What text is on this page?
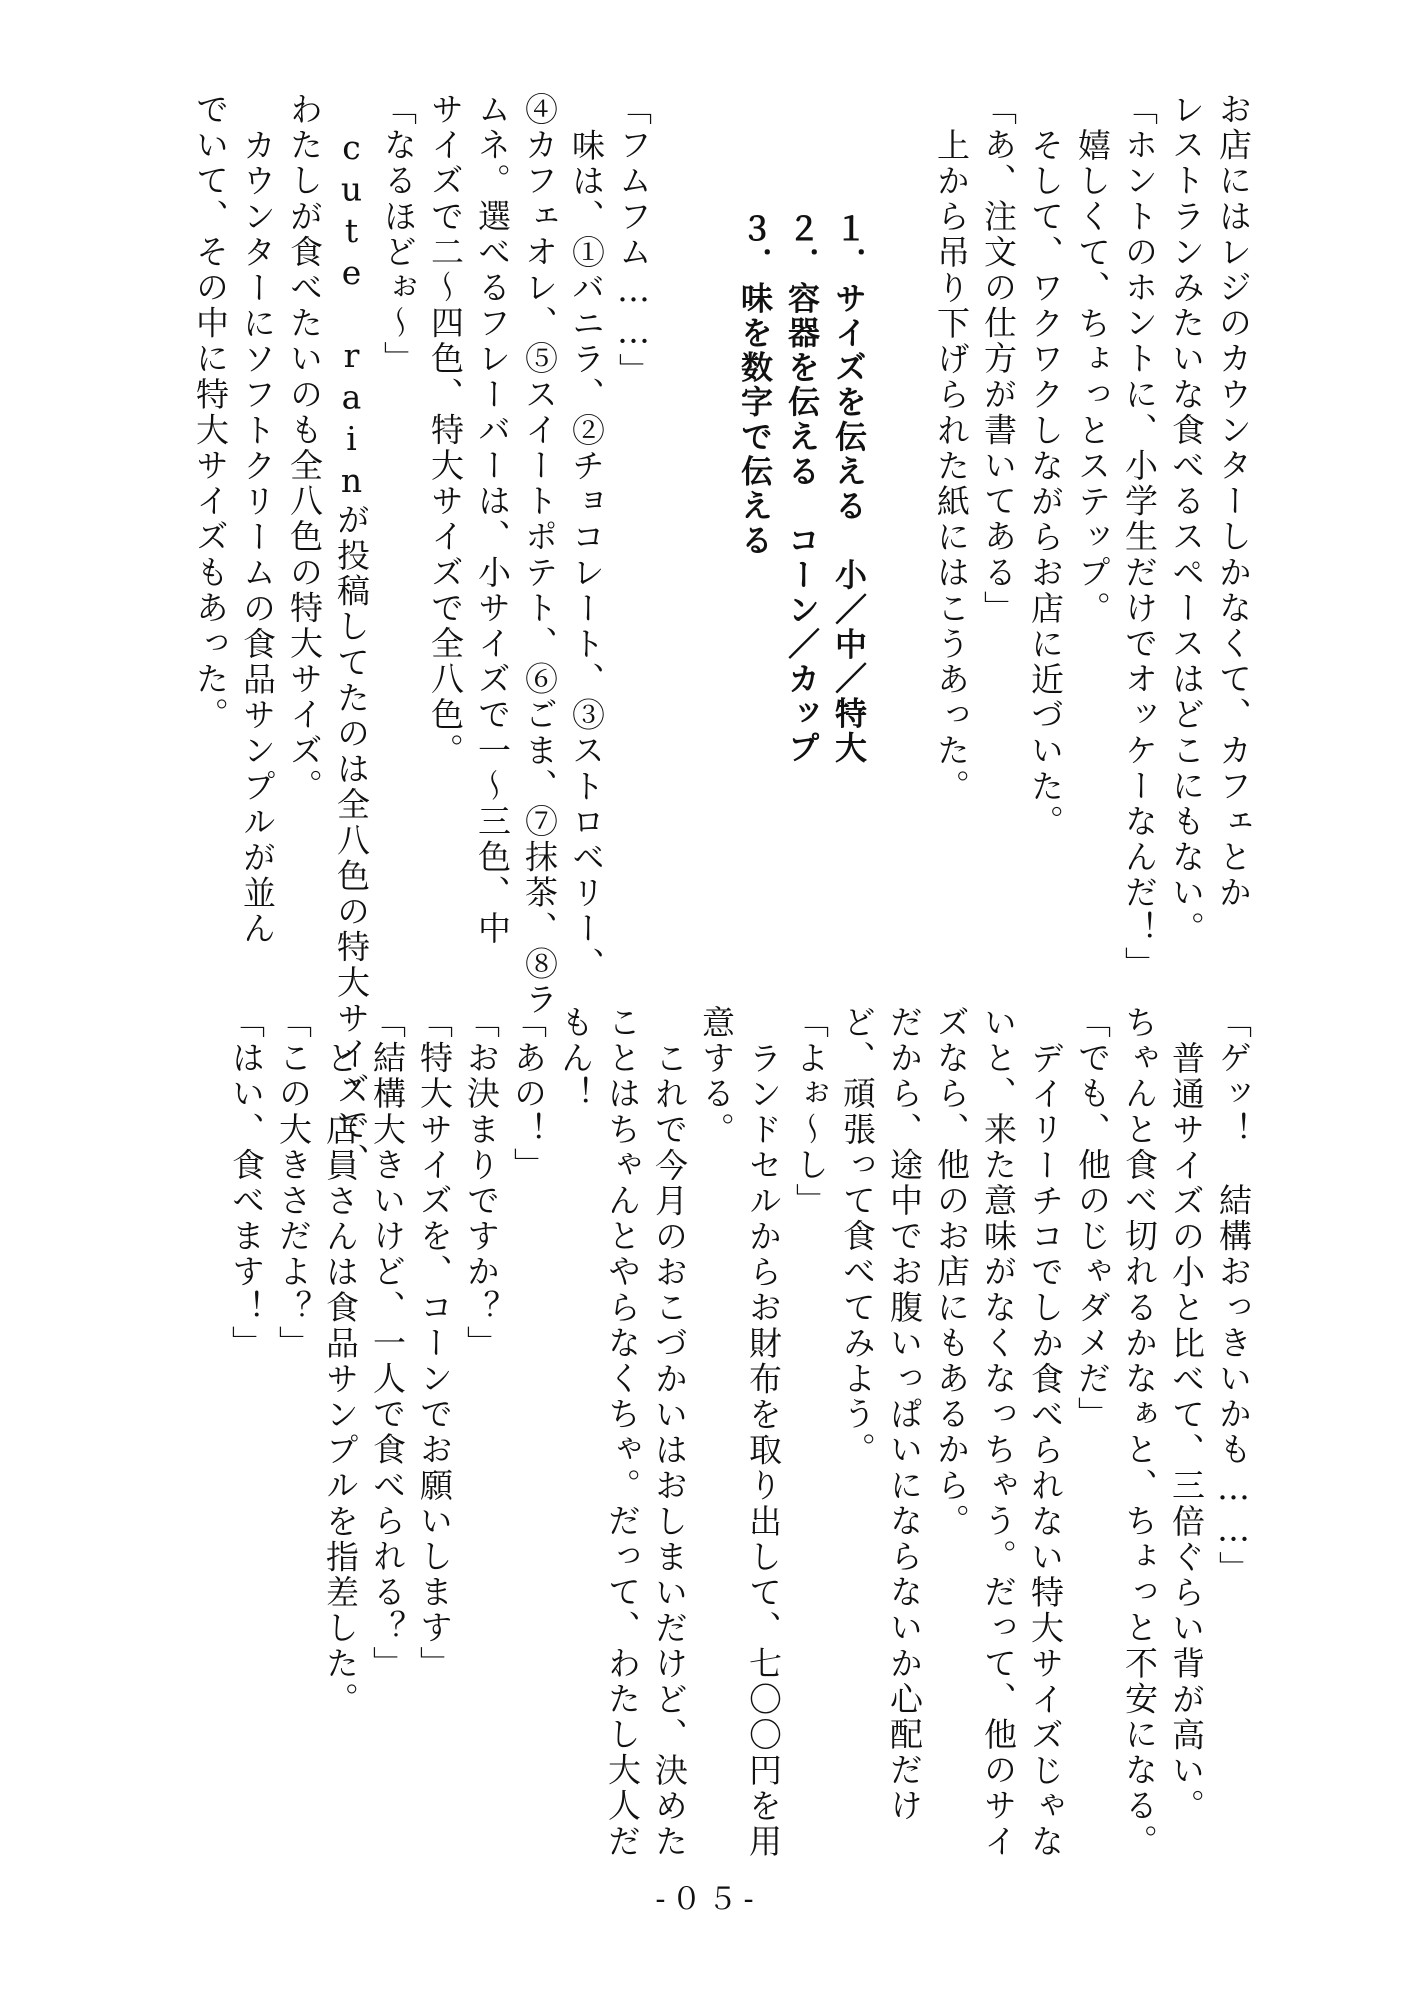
お店にはレジのカウンターしかなくて、カフェとか
レストランみたいな食べるスペースはどこにもない。
「ホントのホントに、小学生だけでオッケーなんだ！」
嬉しくて、ちょっとステップ。
そして、ワクワクしながらお店に近づいた。
「あ、注文の仕方が書いてある」
上から吊り下げられた紙にはこうあった。
１．サイズを伝える　小／中／特大
２．容器を伝える　コーン／カップ
３．味を数字で伝える
「フムフム……」
味は、①バニラ、②チョコレート、③ストロベリー、
④カフェオレ、⑤スイートポテト、⑥ごま、⑦抹茶、⑧ラ
ムネ。選べるフレーバーは、小サイズで一～三色、中
サイズで二～四色、特大サイズで全八色。
「なるほどぉ～」
cute rainが投稿してたのは全八色の特大サイズで、
わたしが食べたいのも全八色の特大サイズ。
カウンターにソフトクリームの食品サンプルが並ん
でいて、その中に特大サイズもあった。
「ゲッ！　結構おっきいかも……」
普通サイズの小と比べて、三倍ぐらい背が高い。
ちゃんと食べ切れるかなぁと、ちょっと不安になる。
「でも、他のじゃダメだ」
デイリーチコでしか食べられない特大サイズじゃな
いと、来た意味がなくなっちゃう。だって、他のサイ
ズなら、他のお店にもあるから。
だから、途中でお腹いっぱいにならないか心配だけ
ど、頑張って食べてみよう。
「よぉ～し」
ランドセルからお財布を取り出して、七〇〇円を用
意する。
これで今月のおこづかいはおしまいだけど、決めた
ことはちゃんとやらなくちゃ。だって、わたし大人だ
もん！
「あの！」
「お決まりですか？」
「特大サイズを、コーンでお願いします」
「結構大きいけど、一人で食べられる？」
と、店員さんは食品サンプルを指差した。
「この大きさだよ？」
「はい、食べます！」
-０５-
